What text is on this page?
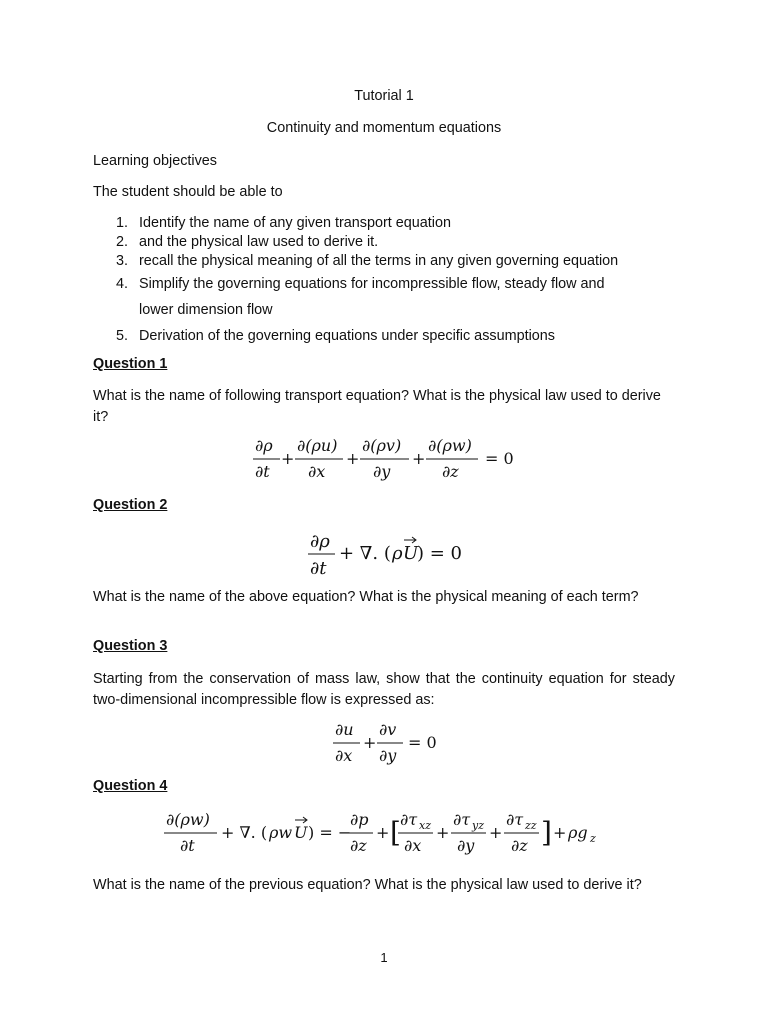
Tutorial 1
Continuity and momentum equations
Learning objectives
The student should be able to
1. Identify the name of any given transport equation
2. and the physical law used to derive it.
3. recall the physical meaning of all the terms in any given governing equation
4. Simplify the governing equations for incompressible flow, steady flow and
lower dimension flow
5. Derivation of the governing equations under specific assumptions
Question 1
What is the name of following transport equation? What is the physical law used to derive it?
∂ρ
∂t
+
∂(ρu)
∂x
+
∂(ρv)
∂y
+
∂(ρw)
∂z
= 0
Question 2
∂ρ
∂t
+ ∇. ( ρ U
) = 0
What is the name of the above equation? What is the physical meaning of each term?
Question 3
Starting from the conservation of mass law, show that the continuity equation for steady two-dimensional incompressible flow is expressed as:
∂u
∂x
+
∂v
∂y
= 0
Question 4
∂(ρw)
∂t
+ ∇. ( ρw U ) = −
∂p
∂z
+ [ ∂τ xz
∂x
+
∂τ yz
∂y
+
∂τ zz
∂z ] + ρg z
What is the name of the previous equation? What is the physical law used to derive it?
1
